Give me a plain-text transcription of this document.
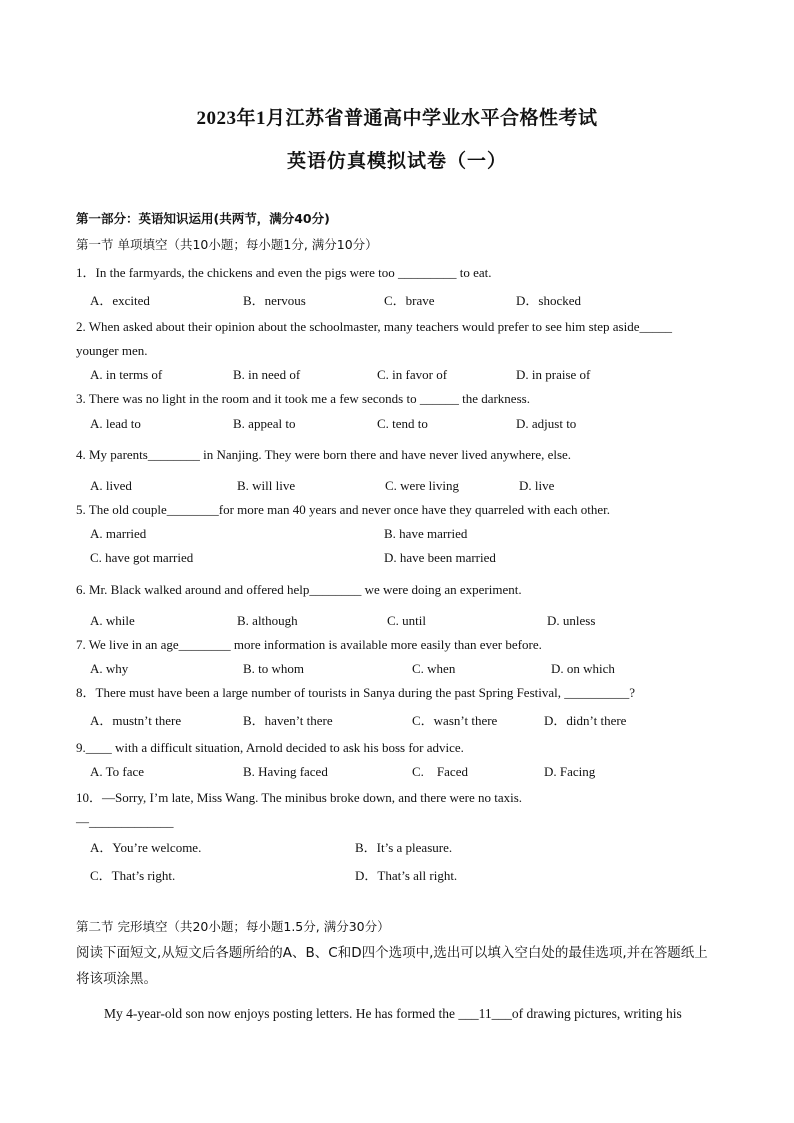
2023年1月江苏省普通高中学业水平合格性考试
英语仿真模拟试卷（一）
第一部分：英语知识运用(共两节，满分40分)
第一节 单项填空（共10小题；每小题1分, 满分10分）
1．In the farmyards, the chickens and even the pigs were too _________ to eat.
A．excited	B．nervous	C．brave	D．shocked
2. When asked about their opinion about the schoolmaster, many teachers would prefer to see him step aside_____
younger men.
A. in terms of	B. in need of	C. in favor of	D. in praise of
3. There was no light in the room and it took me a few seconds to ______ the darkness.
A. lead to	B. appeal to	C. tend to	D. adjust to
4. My parents________ in Nanjing. They were born there and have never lived anywhere, else.
A. lived	B. will live	C. were living	D. live
5. The old couple________for more man 40 years and never once have they quarreled with each other.
A. married	B. have married
C. have got married	D. have been married
6. Mr. Black walked around and offered help________ we were doing an experiment.
A. while	B. although	C. until	D. unless
7. We live in an age________ more information is available more easily than ever before.
A. why	B. to whom	C. when	D. on which
8．There must have been a large number of tourists in Sanya during the past Spring Festival, __________?
A．mustn’t there	B．haven’t there	C．wasn’t there	D．didn’t there
9.____ with a difficult situation, Arnold decided to ask his boss for advice.
A. To face	B. Having faced	C.    Faced	D. Facing
10．—Sorry, I’m late, Miss Wang. The minibus broke down, and there were no taxis.
—_____________
A．You’re welcome.	B．It’s a pleasure.
C．That’s right.	D．That’s all right.
第二节 完形填空（共20小题；每小题1.5分, 满分30分）
阅读下面短文,从短文后各题所给的A、B、C和D四个选项中,选出可以填入空白处的最佳选项,并在答题纸上将该项涂黑。
My 4-year-old son now enjoys posting letters. He has formed the ___11___of drawing pictures, writing his
